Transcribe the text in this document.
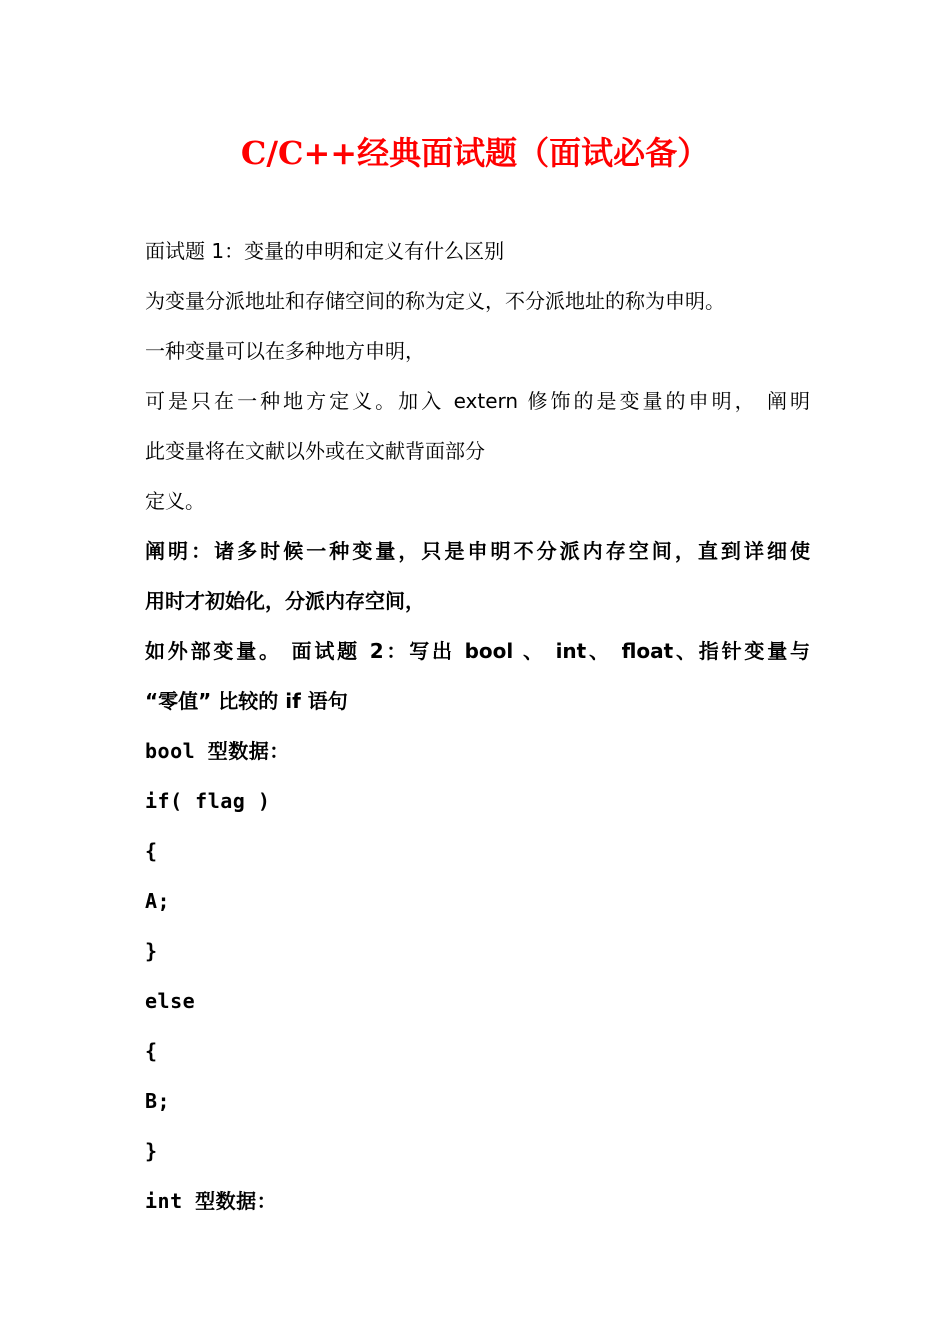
C/C++经典面试题（面试必备）
面试题 1：变量的申明和定义有什么区别
为变量分派地址和存储空间的称为定义，不分派地址的称为申明。
一种变量可以在多种地方申明，
可是只在一种地方定义。加入 extern 修饰的是变量的申明， 阐明
此变量将在文献以外或在文献背面部分
定义。
阐明：诸多时候一种变量，只是申明不分派内存空间，直到详细使
用时才初始化，分派内存空间，
如外部变量。 面试题 2：写出 bool 、 int、 float、指针变量与
“零值” 比较的 if 语句
bool 型数据：
if( flag )
{
A;
}
else
{
B;
}
int 型数据：
